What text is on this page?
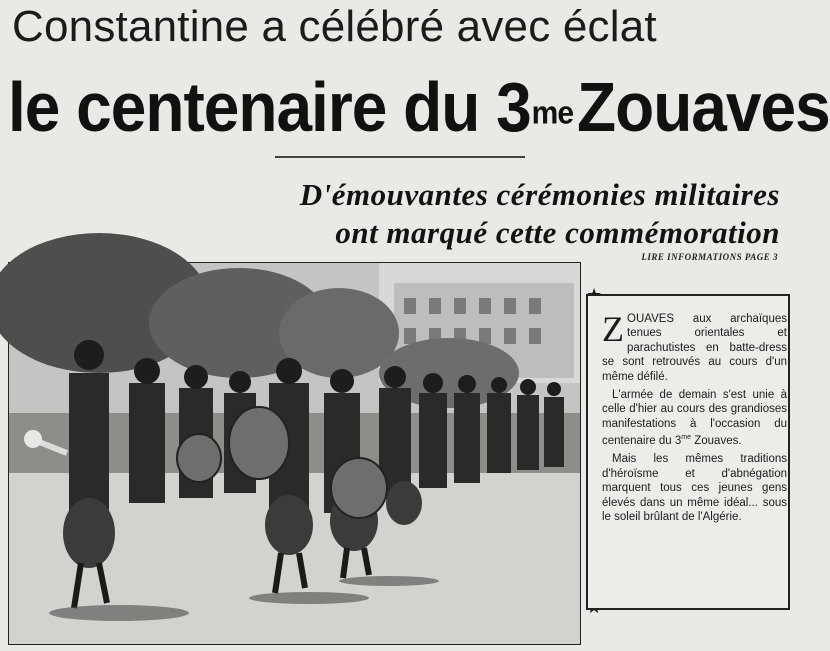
Constantine a célébré avec éclat
le centenaire du $3^{me}Zouaves$
D'émouvantes cérémonies militaires
ont marqué cette commémoration
LIRE INFORMATIONS PAGE 3

ZOUAVES aux archaïques tenues orientales et parachutistes en batte-dress se sont retrouvés au cours d'un même défilé.

L'armée de demain s'est unie à celle d'hier au cours des grandioses manifestations à l'occasion du centenaire du $3^{me}$ Zouaves.

Mais les mêmes traditions d'héroïsme et d'abnégation marquent tous ces jeunes gens élevés dans un même idéal... sous le soleil brûlant de l'Algérie.
